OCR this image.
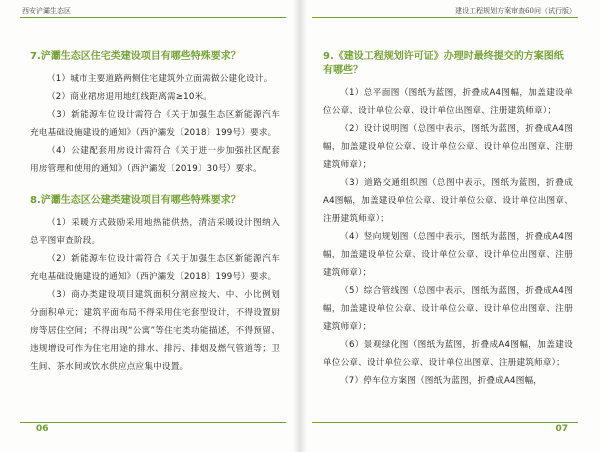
西安浐灞生态区

7.浐灞生态区住宅类建设项目有哪些特殊要求？

（1）城市主要道路两侧住宅建筑外立面需做公建化设计。

（2）商业裙房退用地红线距离需≥10米。

（3）新能源车位设计需符合《关于加强生态区新能源汽车充电基础设施建设的通知》（西沪灞发〔2018〕199号）要求。

（4）公建配套用房设计需符合《关于进一步加强社区配套用房管理和使用的通知》（西沪灞发〔2019〕30号）要求。

8.浐灞生态区公建类建设项目有哪些特殊要求？

（1）采暖方式鼓励采用地热能供热，清洁采暖设计图纳入总平图审查阶段。

（2）新能源车位设计需符合《关于加强生态区新能源汽车充电基础设施建设的通知》（西沪灞发〔2018〕199号）要求。

（3）商办类建设项目建筑面积分割应按大、中、小比例划分面积单元；建筑平面布局不得采用住宅套型设计，不得设置厨房等居住空间；不得出现“公寓”等住宅类功能描述，不得预留、违规增设可作为住宅用途的排水、排污、排烟及燃气管道等；卫生间、茶水间或饮水供应点应集中设置。

06
建设工程规划方案审查60问（试行版）

9.《建设工程规划许可证》办理时最终提交的方案图纸有哪些？

（1）总平面图（图纸为蓝图，折叠成A4图幅，加盖建设单位公章、设计单位公章、设计单位出图章、注册建筑师章）；

（2）设计说明图（总图中表示，图纸为蓝图，折叠成A4图幅，加盖建设单位公章、设计单位公章、设计单位出图章、注册建筑师章）；

（3）道路交通组织图（总图中表示，图纸为蓝图，折叠成A4图幅，加盖建设单位公章、设计单位公章、设计单位出图章、注册建筑师章）；

（4）竖向规划图（总图中表示，图纸为蓝图，折叠成A4图幅，加盖建设单位公章、设计单位公章、设计单位出图章、注册建筑师章）；

（5）综合管线图（总图中表示，图纸为蓝图，折叠成A4图幅，加盖建设单位公章、设计单位公章、设计单位出图章、注册建筑师章）；

（6）景观绿化图（图纸为蓝图，折叠成A4图幅，加盖建设单位公章、设计单位公章、设计单位出图章、注册建筑师章）；

（7）停车位方案图（图纸为蓝图，折叠成A4图幅，

07
